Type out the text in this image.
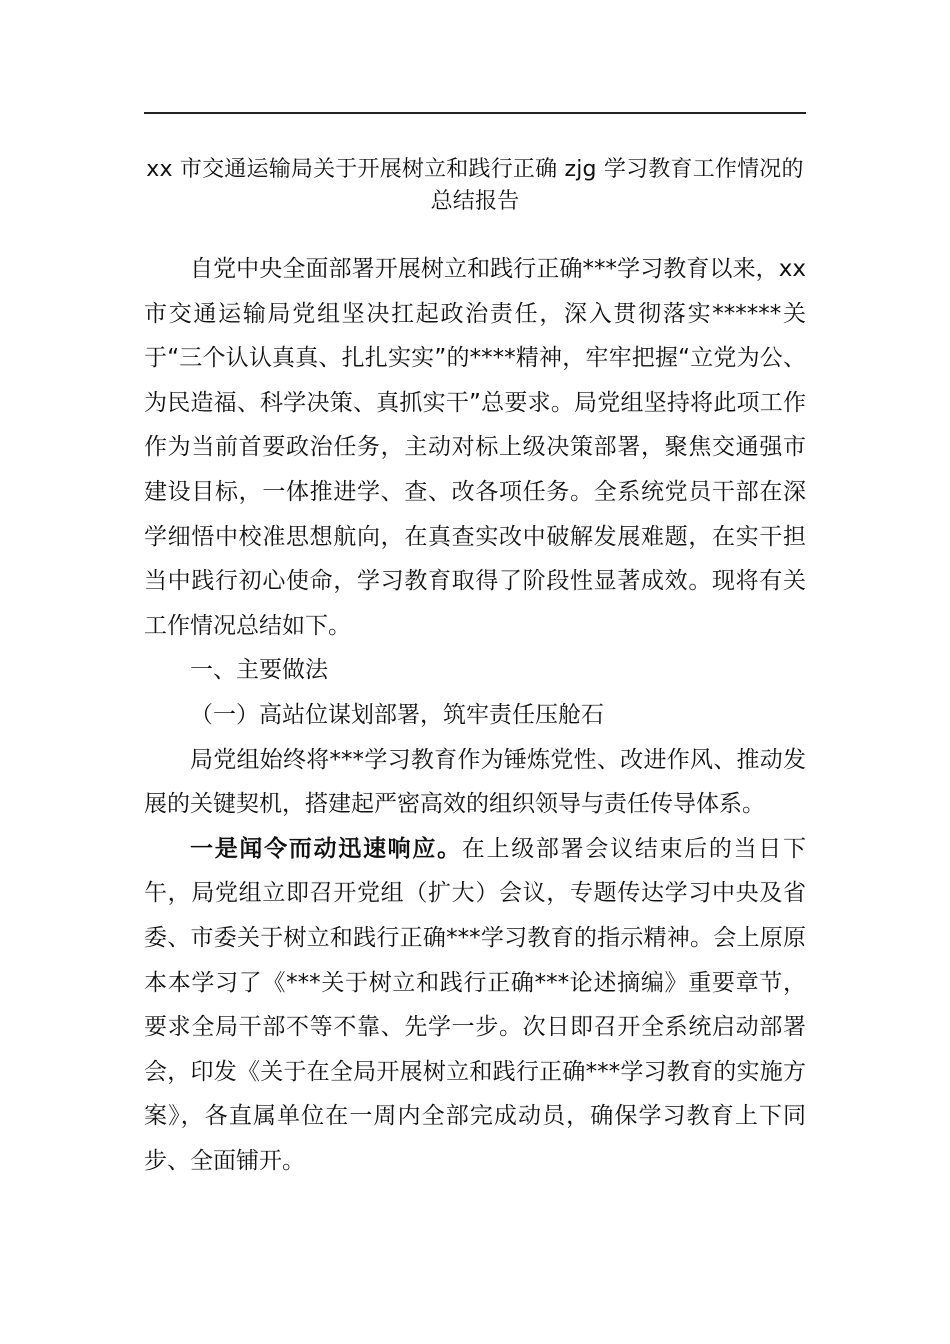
xx 市交通运输局关于开展树立和践行正确 zjg 学习教育工作情况的总结报告

自党中央全面部署开展树立和践行正确***学习教育以来，xx 市交通运输局党组坚决扛起政治责任，深入贯彻落实******关于“三个认认真真、扎扎实实”的****精神，牢牢把握“立党为公、为民造福、科学决策、真抓实干”总要求。局党组坚持将此项工作作为当前首要政治任务，主动对标上级决策部署，聚焦交通强市建设目标，一体推进学、查、改各项任务。全系统党员干部在深学细悟中校准思想航向，在真查实改中破解发展难题，在实干担当中践行初心使命，学习教育取得了阶段性显著成效。现将有关工作情况总结如下。

一、主要做法

（一）高站位谋划部署，筑牢责任压舱石

局党组始终将***学习教育作为锤炼党性、改进作风、推动发展的关键契机，搭建起严密高效的组织领导与责任传导体系。

一是闻令而动迅速响应。在上级部署会议结束后的当日下午，局党组立即召开党组（扩大）会议，专题传达学习中央及省委、市委关于树立和践行正确***学习教育的指示精神。会上原原本本学习了《***关于树立和践行正确***论述摘编》重要章节，要求全局干部不等不靠、先学一步。次日即召开全系统启动部署会，印发《关于在全局开展树立和践行正确***学习教育的实施方案》，各直属单位在一周内全部完成动员，确保学习教育上下同步、全面铺开。
